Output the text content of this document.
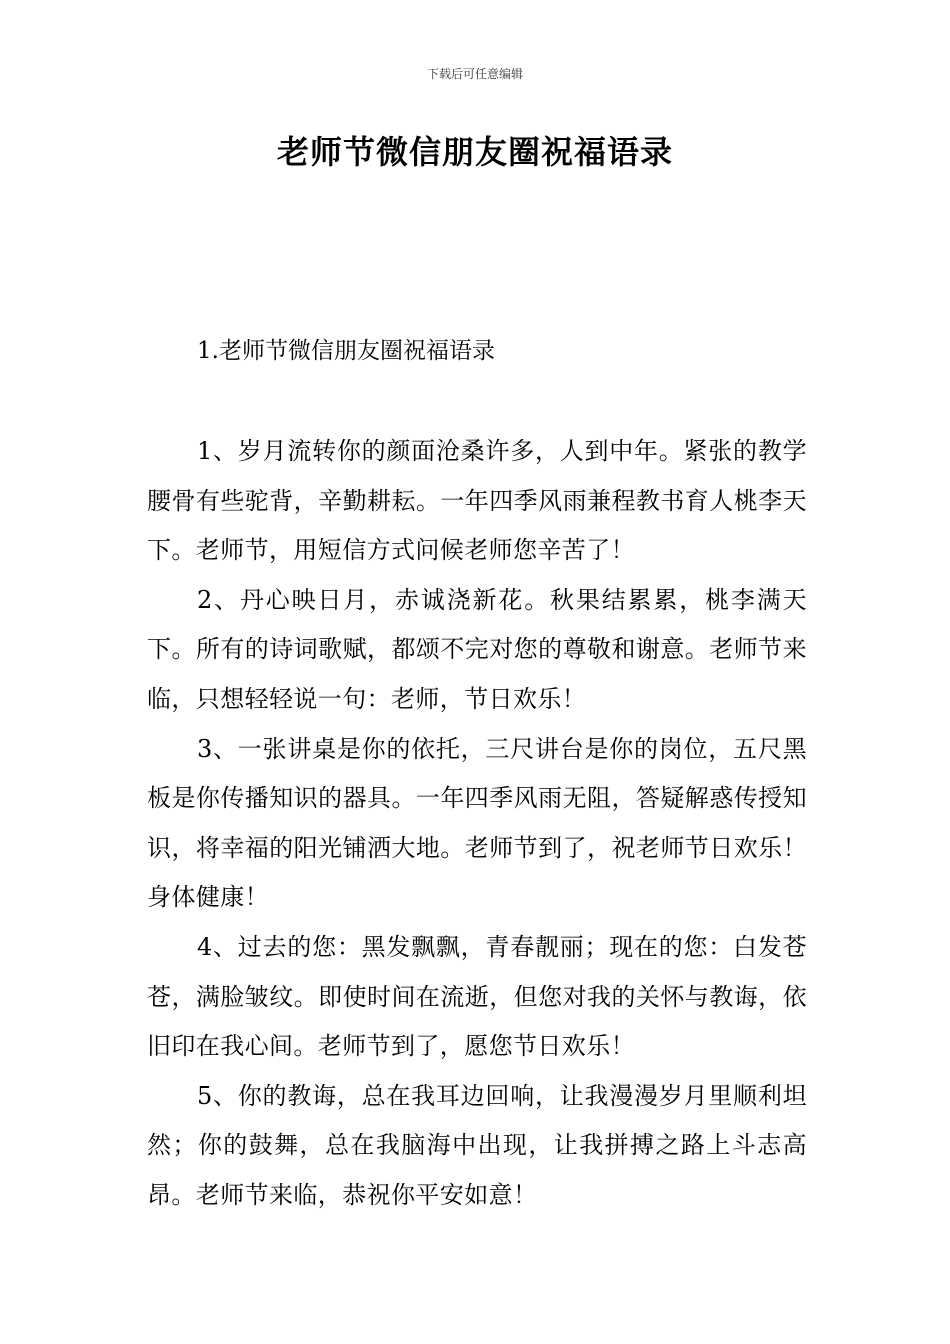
下载后可任意编辑
老师节微信朋友圈祝福语录
1.老师节微信朋友圈祝福语录

1、岁月流转你的颜面沧桑许多，人到中年。紧张的教学腰骨有些驼背，辛勤耕耘。一年四季风雨兼程教书育人桃李天下。老师节，用短信方式问候老师您辛苦了！

2、丹心映日月，赤诚浇新花。秋果结累累，桃李满天下。所有的诗词歌赋，都颂不完对您的尊敬和谢意。老师节来临，只想轻轻说一句：老师，节日欢乐！

3、一张讲桌是你的依托，三尺讲台是你的岗位，五尺黑板是你传播知识的器具。一年四季风雨无阻，答疑解惑传授知识，将幸福的阳光铺洒大地。老师节到了，祝老师节日欢乐！身体健康！

4、过去的您：黑发飘飘，青春靓丽；现在的您：白发苍苍，满脸皱纹。即使时间在流逝，但您对我的关怀与教诲，依旧印在我心间。老师节到了，愿您节日欢乐！

5、你的教诲，总在我耳边回响，让我漫漫岁月里顺利坦然；你的鼓舞，总在我脑海中出现，让我拼搏之路上斗志高昂。老师节来临，恭祝你平安如意！
